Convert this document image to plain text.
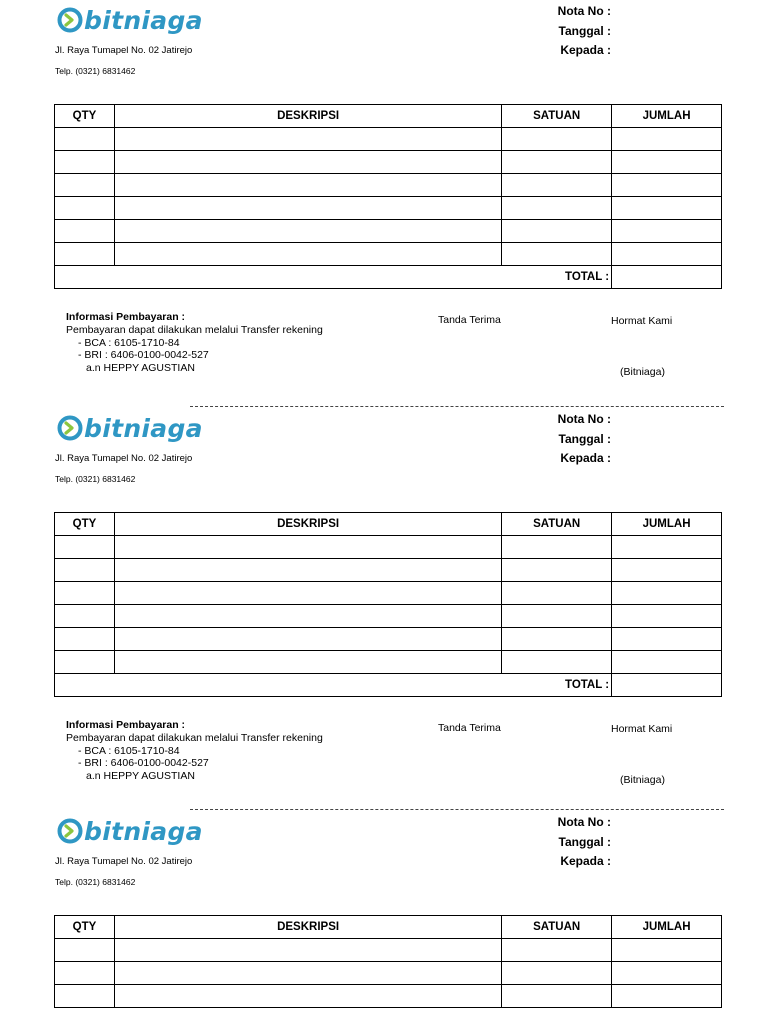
bitniaga
Jl. Raya Tumapel No. 02 Jatirejo
Telp. (0321) 6831462
Nota No :
Tanggal :
Kepada :
QTY	DESKRIPSI	SATUAN	JUMLAH

TOTAL :			
Informasi Pembayaran :
Pembayaran dapat dilakukan melalui Transfer rekening
- BCA : 6105-1710-84
- BRI : 6406-0100-0042-527
a.n HEPPY AGUSTIAN
Tanda Terima	Hormat Kami
(Bitniaga)
bitniaga
Jl. Raya Tumapel No. 02 Jatirejo
Telp. (0321) 6831462
Nota No :
Tanggal :
Kepada :
QTY	DESKRIPSI	SATUAN	JUMLAH

TOTAL :			
Informasi Pembayaran :
Pembayaran dapat dilakukan melalui Transfer rekening
- BCA : 6105-1710-84
- BRI : 6406-0100-0042-527
a.n HEPPY AGUSTIAN
Tanda Terima	Hormat Kami
(Bitniaga)
bitniaga
Jl. Raya Tumapel No. 02 Jatirejo
Telp. (0321) 6831462
Nota No :
Tanggal :
Kepada :
QTY	DESKRIPSI	SATUAN	JUMLAH
